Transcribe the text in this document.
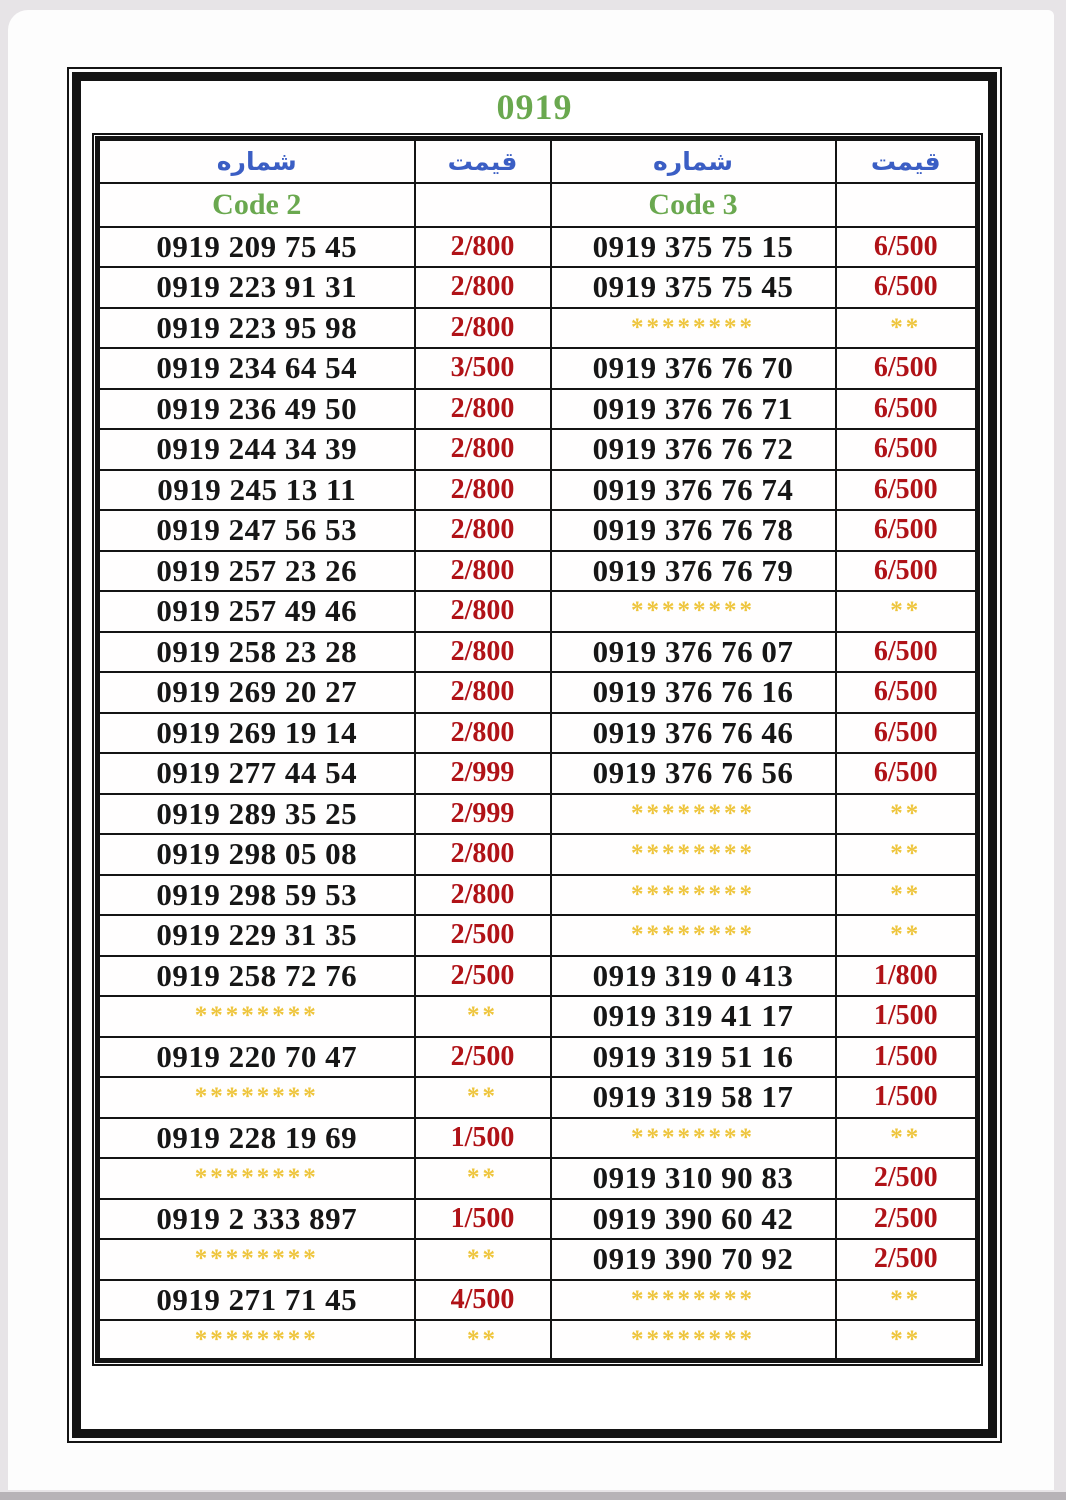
0919
شماره	قیمت	شماره	قیمت
Code 2		Code 3	
0919 209 75 45	2/800	0919 375 75 15	6/500
0919 223 91 31	2/800	0919 375 75 45	6/500
0919 223 95 98	2/800	********	**
0919 234 64 54	3/500	0919 376 76 70	6/500
0919 236 49 50	2/800	0919 376 76 71	6/500
0919 244 34 39	2/800	0919 376 76 72	6/500
0919 245 13 11	2/800	0919 376 76 74	6/500
0919 247 56 53	2/800	0919 376 76 78	6/500
0919 257 23 26	2/800	0919 376 76 79	6/500
0919 257 49 46	2/800	********	**
0919 258 23 28	2/800	0919 376 76 07	6/500
0919 269 20 27	2/800	0919 376 76 16	6/500
0919 269 19 14	2/800	0919 376 76 46	6/500
0919 277 44 54	2/999	0919 376 76 56	6/500
0919 289 35 25	2/999	********	**
0919 298 05 08	2/800	********	**
0919 298 59 53	2/800	********	**
0919 229 31 35	2/500	********	**
0919 258 72 76	2/500	0919 319 0 413	1/800
********	**	0919 319 41 17	1/500
0919 220 70 47	2/500	0919 319 51 16	1/500
********	**	0919 319 58 17	1/500
0919 228 19 69	1/500	********	**
********	**	0919 310 90 83	2/500
0919 2 333 897	1/500	0919 390 60 42	2/500
********	**	0919 390 70 92	2/500
0919 271 71 45	4/500	********	**
********	**	********	**
